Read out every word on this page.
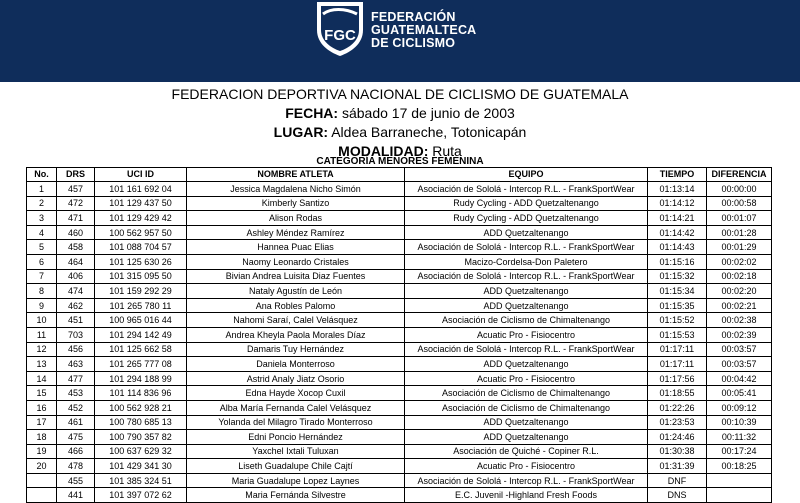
FGC
FEDERACIÓN
GUATEMALTECA
DE CICLISMO
FEDERACION DEPORTIVA NACIONAL DE CICLISMO DE GUATEMALA
FECHA: sábado 17 de junio de 2003
LUGAR: Aldea Barraneche, Totonicapán
MODALIDAD: Ruta
CATEGORÍA MENORES FEMENINA
No.	DRS	UCI ID	NOMBRE ATLETA	EQUIPO	TIEMPO	DIFERENCIA
1	457	101 161 692 04	Jessica Magdalena Nicho Simón	Asociación de Sololá - Intercop R.L. - FrankSportWear	01:13:14	00:00:00
2	472	101 129 437 50	Kimberly Santizo	Rudy Cycling - ADD Quetzaltenango	01:14:12	00:00:58
3	471	101 129 429 42	Alison Rodas	Rudy Cycling - ADD Quetzaltenango	01:14:21	00:01:07
4	460	100 562 957 50	Ashley Méndez Ramírez	ADD Quetzaltenango	01:14:42	00:01:28
5	458	101 088 704 57	Hannea Puac Elias	Asociación de Sololá - Intercop R.L. - FrankSportWear	01:14:43	00:01:29
6	464	101 125 630 26	Naomy Leonardo Cristales	Macizo-Cordelsa-Don Paletero	01:15:16	00:02:02
7	406	101 315 095 50	Bivian Andrea Luisita Diaz Fuentes	Asociación de Sololá - Intercop R.L. - FrankSportWear	01:15:32	00:02:18
8	474	101 159 292 29	Nataly Agustín de León	ADD Quetzaltenango	01:15:34	00:02:20
9	462	101 265 780 11	Ana Robles Palomo	ADD Quetzaltenango	01:15:35	00:02:21
10	451	100 965 016 44	Nahomi Saraí, Calel Velásquez	Asociación de Ciclismo de Chimaltenango	01:15:52	00:02:38
11	703	101 294 142 49	Andrea Kheyla Paola Morales Díaz	Acuatic Pro - Fisiocentro	01:15:53	00:02:39
12	456	101 125 662 58	Damaris Tuy Hernández	Asociación de Sololá - Intercop R.L. - FrankSportWear	01:17:11	00:03:57
13	463	101 265 777 08	Daniela Monterroso	ADD Quetzaltenango	01:17:11	00:03:57
14	477	101 294 188 99	Astrid Analy Jiatz Osorio	Acuatic Pro - Fisiocentro	01:17:56	00:04:42
15	453	101 114 836 96	Edna Hayde Xocop Cuxil	Asociación de Ciclismo de Chimaltenango	01:18:55	00:05:41
16	452	100 562 928 21	Alba María Fernanda Calel Velásquez	Asociación de Ciclismo de Chimaltenango	01:22:26	00:09:12
17	461	100 780 685 13	Yolanda del Milagro Tirado Monterroso	ADD Quetzaltenango	01:23:53	00:10:39
18	475	100 790 357 82	Edni Poncio Hernández	ADD Quetzaltenango	01:24:46	00:11:32
19	466	100 637 629 32	Yaxchel Ixtali Tuluxan	Asociación de Quiché - Copiner R.L.	01:30:38	00:17:24
20	478	101 429 341 30	Liseth Guadalupe Chile Cajtí	Acuatic Pro - Fisiocentro	01:31:39	00:18:25
	455	101 385 324 51	Maria Guadalupe Lopez Laynes	Asociación de Sololá - Intercop R.L. - FrankSportWear	DNF	
	441	101 397 072 62	Maria Fernánda Silvestre	E.C. Juvenil -Highland Fresh Foods	DNS	
